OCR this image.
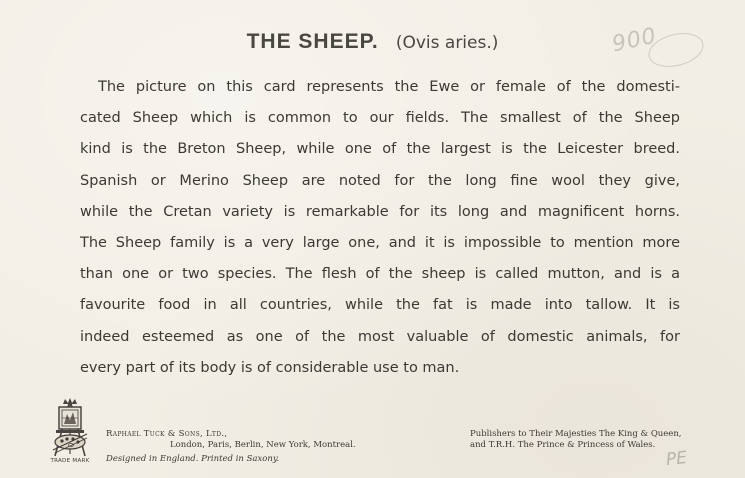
900
PE
THE SHEEP. (Ovis aries.)
The picture on this card represents the Ewe or female of the domesti-
cated Sheep which is common to our fields. The smallest of the Sheep
kind is the Breton Sheep, while one of the largest is the Leicester breed.
Spanish or Merino Sheep are noted for the long fine wool they give,
while the Cretan variety is remarkable for its long and magnificent horns.
The Sheep family is a very large one, and it is impossible to mention more
than one or two species. The flesh of the sheep is called mutton, and is a
favourite food in all countries, while the fat is made into tallow. It is
indeed esteemed as one of the most valuable of domestic animals, for
every part of its body is of considerable use to man.
TRADE MARK
Raphael Tuck & Sons, Ltd.,
London, Paris, Berlin, New York, Montreal.
Designed in England. Printed in Saxony.
Publishers to Their Majesties The King & Queen,
and T.R.H. The Prince & Princess of Wales.
